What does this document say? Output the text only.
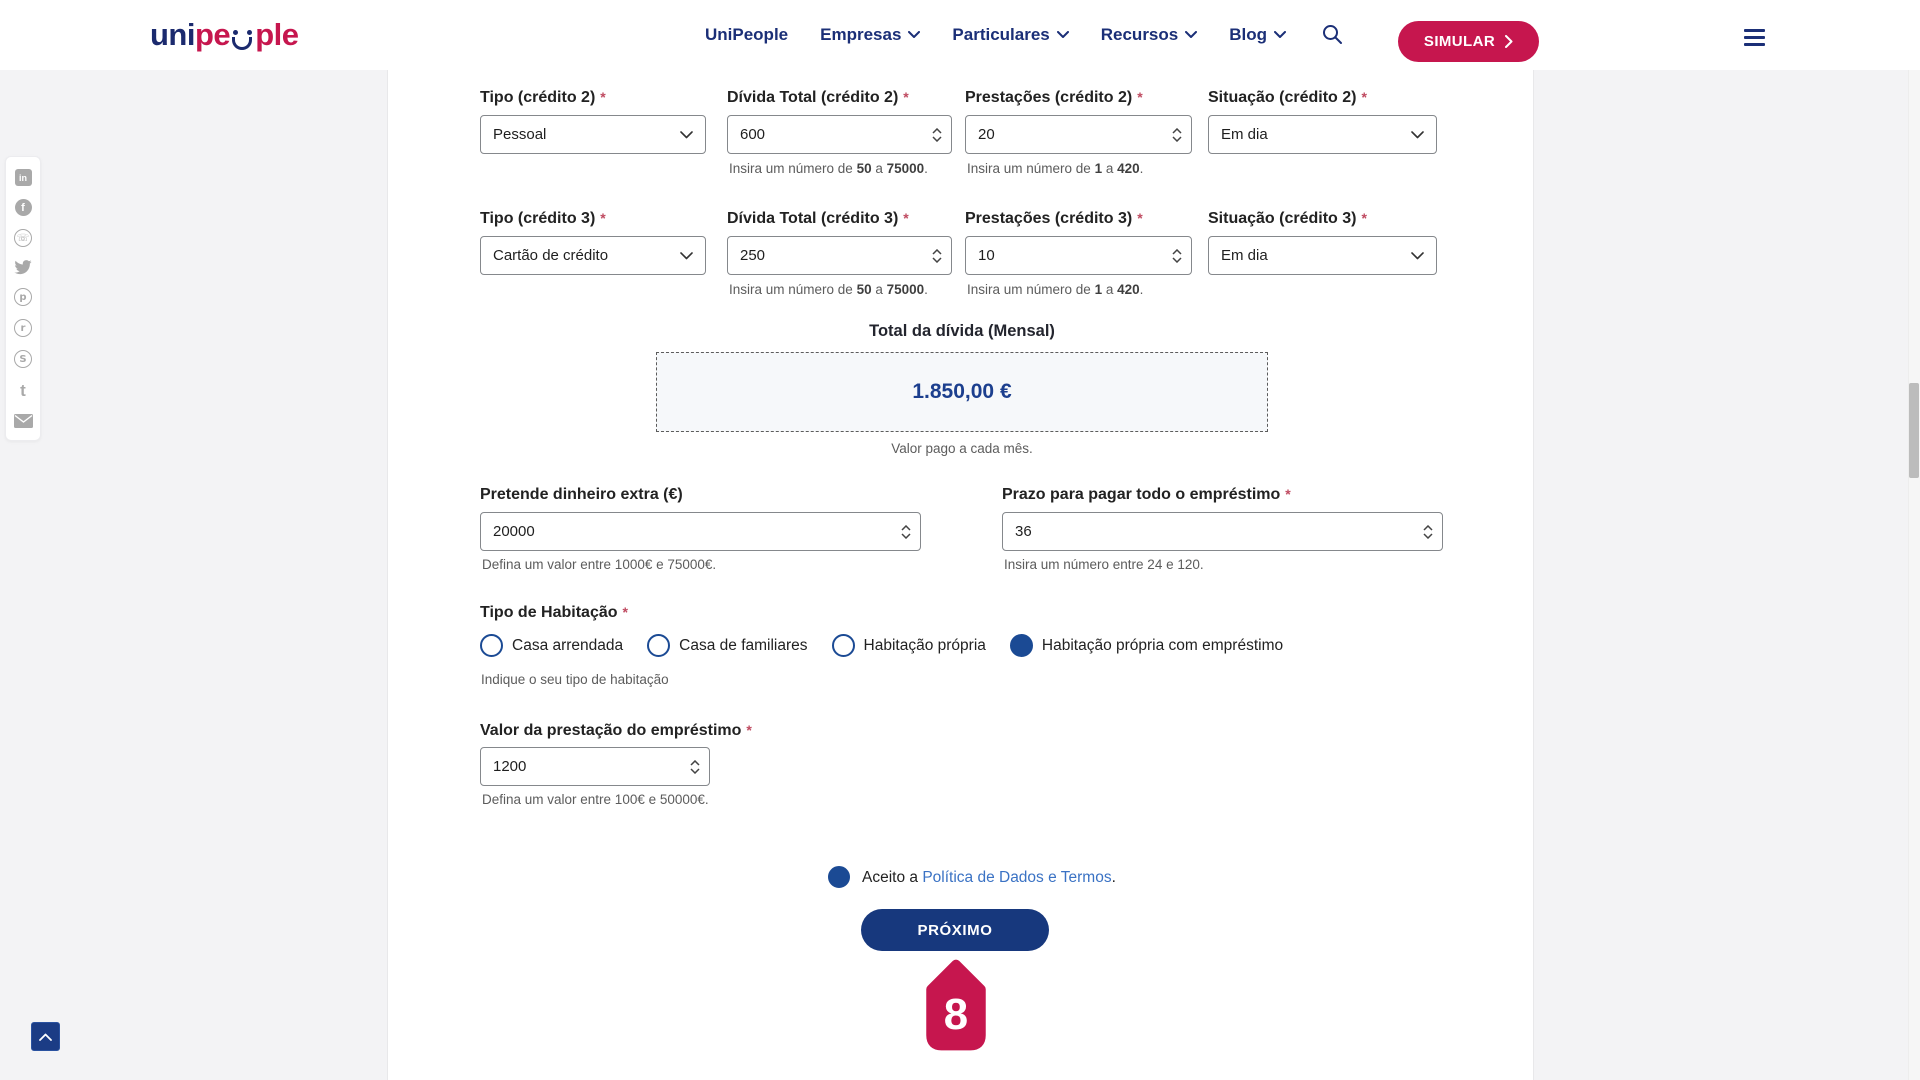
uni pe ple	UniPeople Empresas	Particulares	Recursos	Blog	SIMULAR
in
f
☏
p
r
S
t
Tipo (crédito 2) *
Pessoal
Dívida Total (crédito 2) *
600
Insira um número de 50 a 75000.
Prestações (crédito 2) *
20
Insira um número de 1 a 420.
Situação (crédito 2) *
Em dia
Tipo (crédito 3) *
Cartão de crédito
Dívida Total (crédito 3) *
250
Insira um número de 50 a 75000.
Prestações (crédito 3) *
10
Insira um número de 1 a 420.
Situação (crédito 3) *
Em dia
Total da dívida (Mensal)
1.850,00 €
Valor pago a cada mês.
Pretende dinheiro extra (€)
20000
Defina um valor entre 1000€ e 75000€.
Prazo para pagar todo o empréstimo *
36
Insira um número entre 24 e 120.
Tipo de Habitação *
Casa arrendada	Casa de familiares	Habitação própria	Habitação própria com empréstimo
Indique o seu tipo de habitação
Valor da prestação do empréstimo *
1200
Defina um valor entre 100€ e 50000€.
Aceito a Política de Dados e Termos.
PRÓXIMO
8
